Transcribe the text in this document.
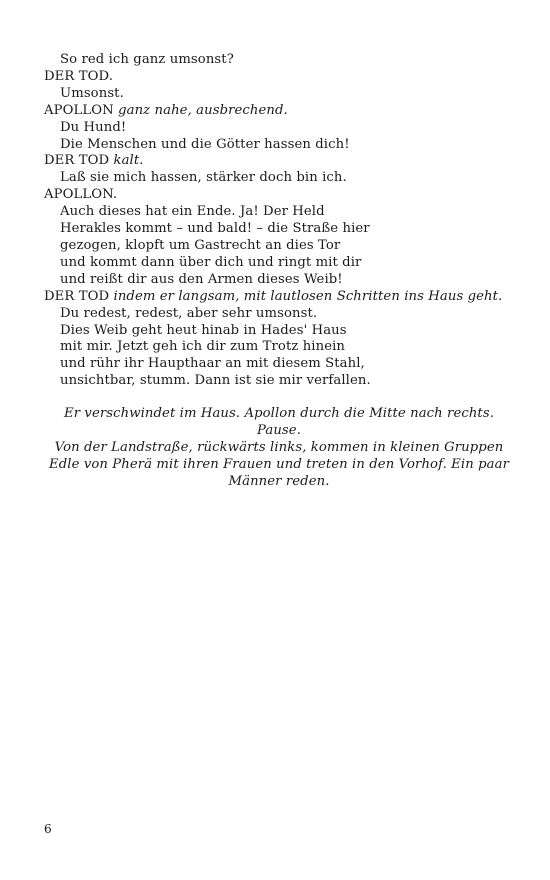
So red ich ganz umsonst?
DER TOD.
Umsonst.
APOLLON ganz nahe, ausbrechend.
Du Hund!
Die Menschen und die Götter hassen dich!
DER TOD kalt.
Laß sie mich hassen, stärker doch bin ich.
APOLLON.
Auch dieses hat ein Ende. Ja! Der Held
Herakles kommt – und bald! – die Straße hier
gezogen, klopft um Gastrecht an dies Tor
und kommt dann über dich und ringt mit dir
und reißt dir aus den Armen dieses Weib!
DER TOD indem er langsam, mit lautlosen Schritten ins Haus geht.
Du redest, redest, aber sehr umsonst.
Dies Weib geht heut hinab in Hades' Haus
mit mir. Jetzt geh ich dir zum Trotz hinein
und rühr ihr Haupthaar an mit diesem Stahl,
unsichtbar, stumm. Dann ist sie mir verfallen.
Er verschwindet im Haus. Apollon durch die Mitte nach rechts.
Pause.
Von der Landstraße, rückwärts links, kommen in kleinen Gruppen Edle von Pherä mit ihren Frauen und treten in den Vorhof. Ein paar Männer reden.
6
